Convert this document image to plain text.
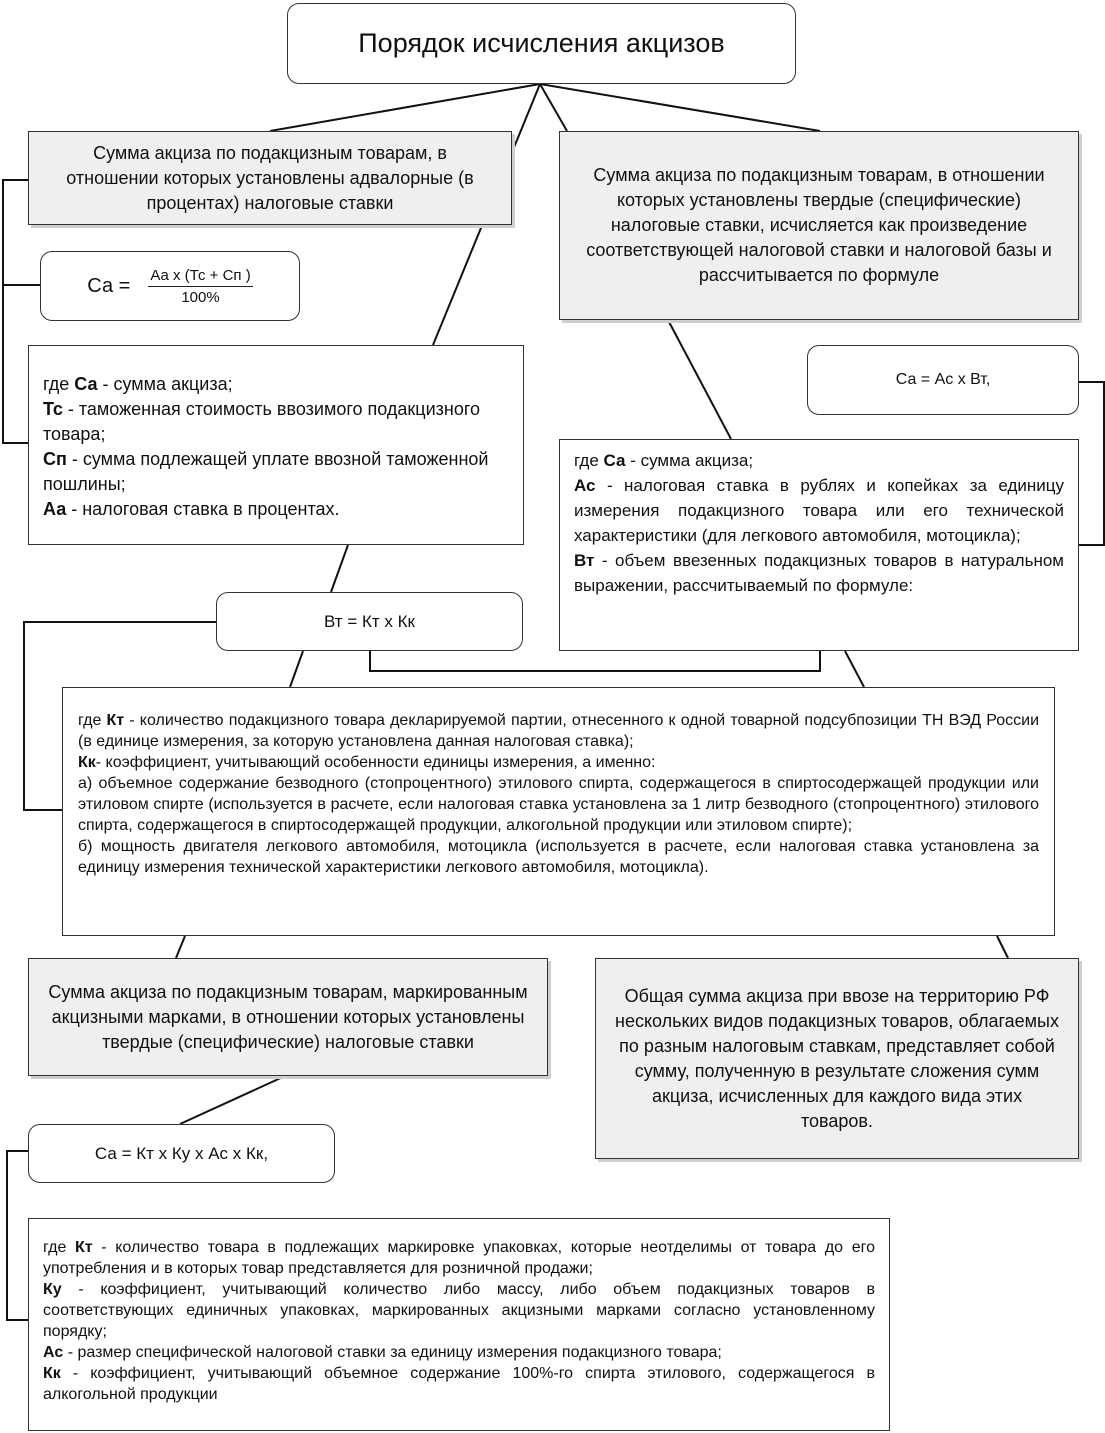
Порядок исчисления акцизов
Сумма акциза по подакцизным товарам, в отношении которых установлены адвалорные (в процентах) налоговые ставки
Са = $\frac{\text{Аа х (Тс + Сп )}}{100\%}$

где Са - сумма акциза;

Тс - таможенная стоимость ввозимого подакцизного товара;

Сп - сумма подлежащей уплате ввозной таможенной пошлины;

Аа - налоговая ставка в процентах.

Сумма акциза по подакцизным товарам, в отношении которых установлены твердые (специфические) налоговые ставки, исчисляется как произведение соответствующей налоговой ставки и налоговой базы и рассчитывается по формуле
Са = Ас х Вт,

где Са - сумма акциза;

Ас - налоговая ставка в рублях и копейках за единицу измерения подакцизного товара или его технической характеристики (для легкового автомобиля, мотоцикла);

Вт - объем ввезенных подакцизных товаров в натуральном выражении, рассчитываемый по формуле:

Вт = Кт х Кк

где Кт - количество подакцизного товара декларируемой партии, отнесенного к одной товарной подсубпозиции ТН ВЭД России (в единице измерения, за которую установлена данная налоговая ставка);

Кк- коэффициент, учитывающий особенности единицы измерения, а именно:

а) объемное содержание безводного (стопроцентного) этилового спирта, содержащегося в спиртосодержащей продукции или этиловом спирте (используется в расчете, если налоговая ставка установлена за 1 литр безводного (стопроцентного) этилового спирта, содержащегося в спиртосодержащей продукции, алкогольной продукции или этиловом спирте);

б) мощность двигателя легкового автомобиля, мотоцикла (используется в расчете, если налоговая ставка установлена за единицу измерения технической характеристики легкового автомобиля, мотоцикла).

Сумма акциза по подакцизным товарам, маркированным акцизными марками, в отношении которых установлены твердые (специфические) налоговые ставки
Общая сумма акциза при ввозе на территорию РФ нескольких видов подакцизных товаров, облагаемых по разным налоговым ставкам, представляет собой сумму, полученную в результате сложения сумм акциза, исчисленных для каждого вида этих товаров.
Са = Кт х Ку х Ас х Кк,

где Кт - количество товара в подлежащих маркировке упаковках, которые неотделимы от товара до его употребления и в которых товар представляется для розничной продажи;

Ку - коэффициент, учитывающий количество либо массу, либо объем подакцизных товаров в соответствующих единичных упаковках, маркированных акцизными марками согласно установленному порядку;

Ас - размер специфической налоговой ставки за единицу измерения подакцизного товара;

Кк - коэффициент, учитывающий объемное содержание 100%-го спирта этилового, содержащегося в алкогольной продукции
